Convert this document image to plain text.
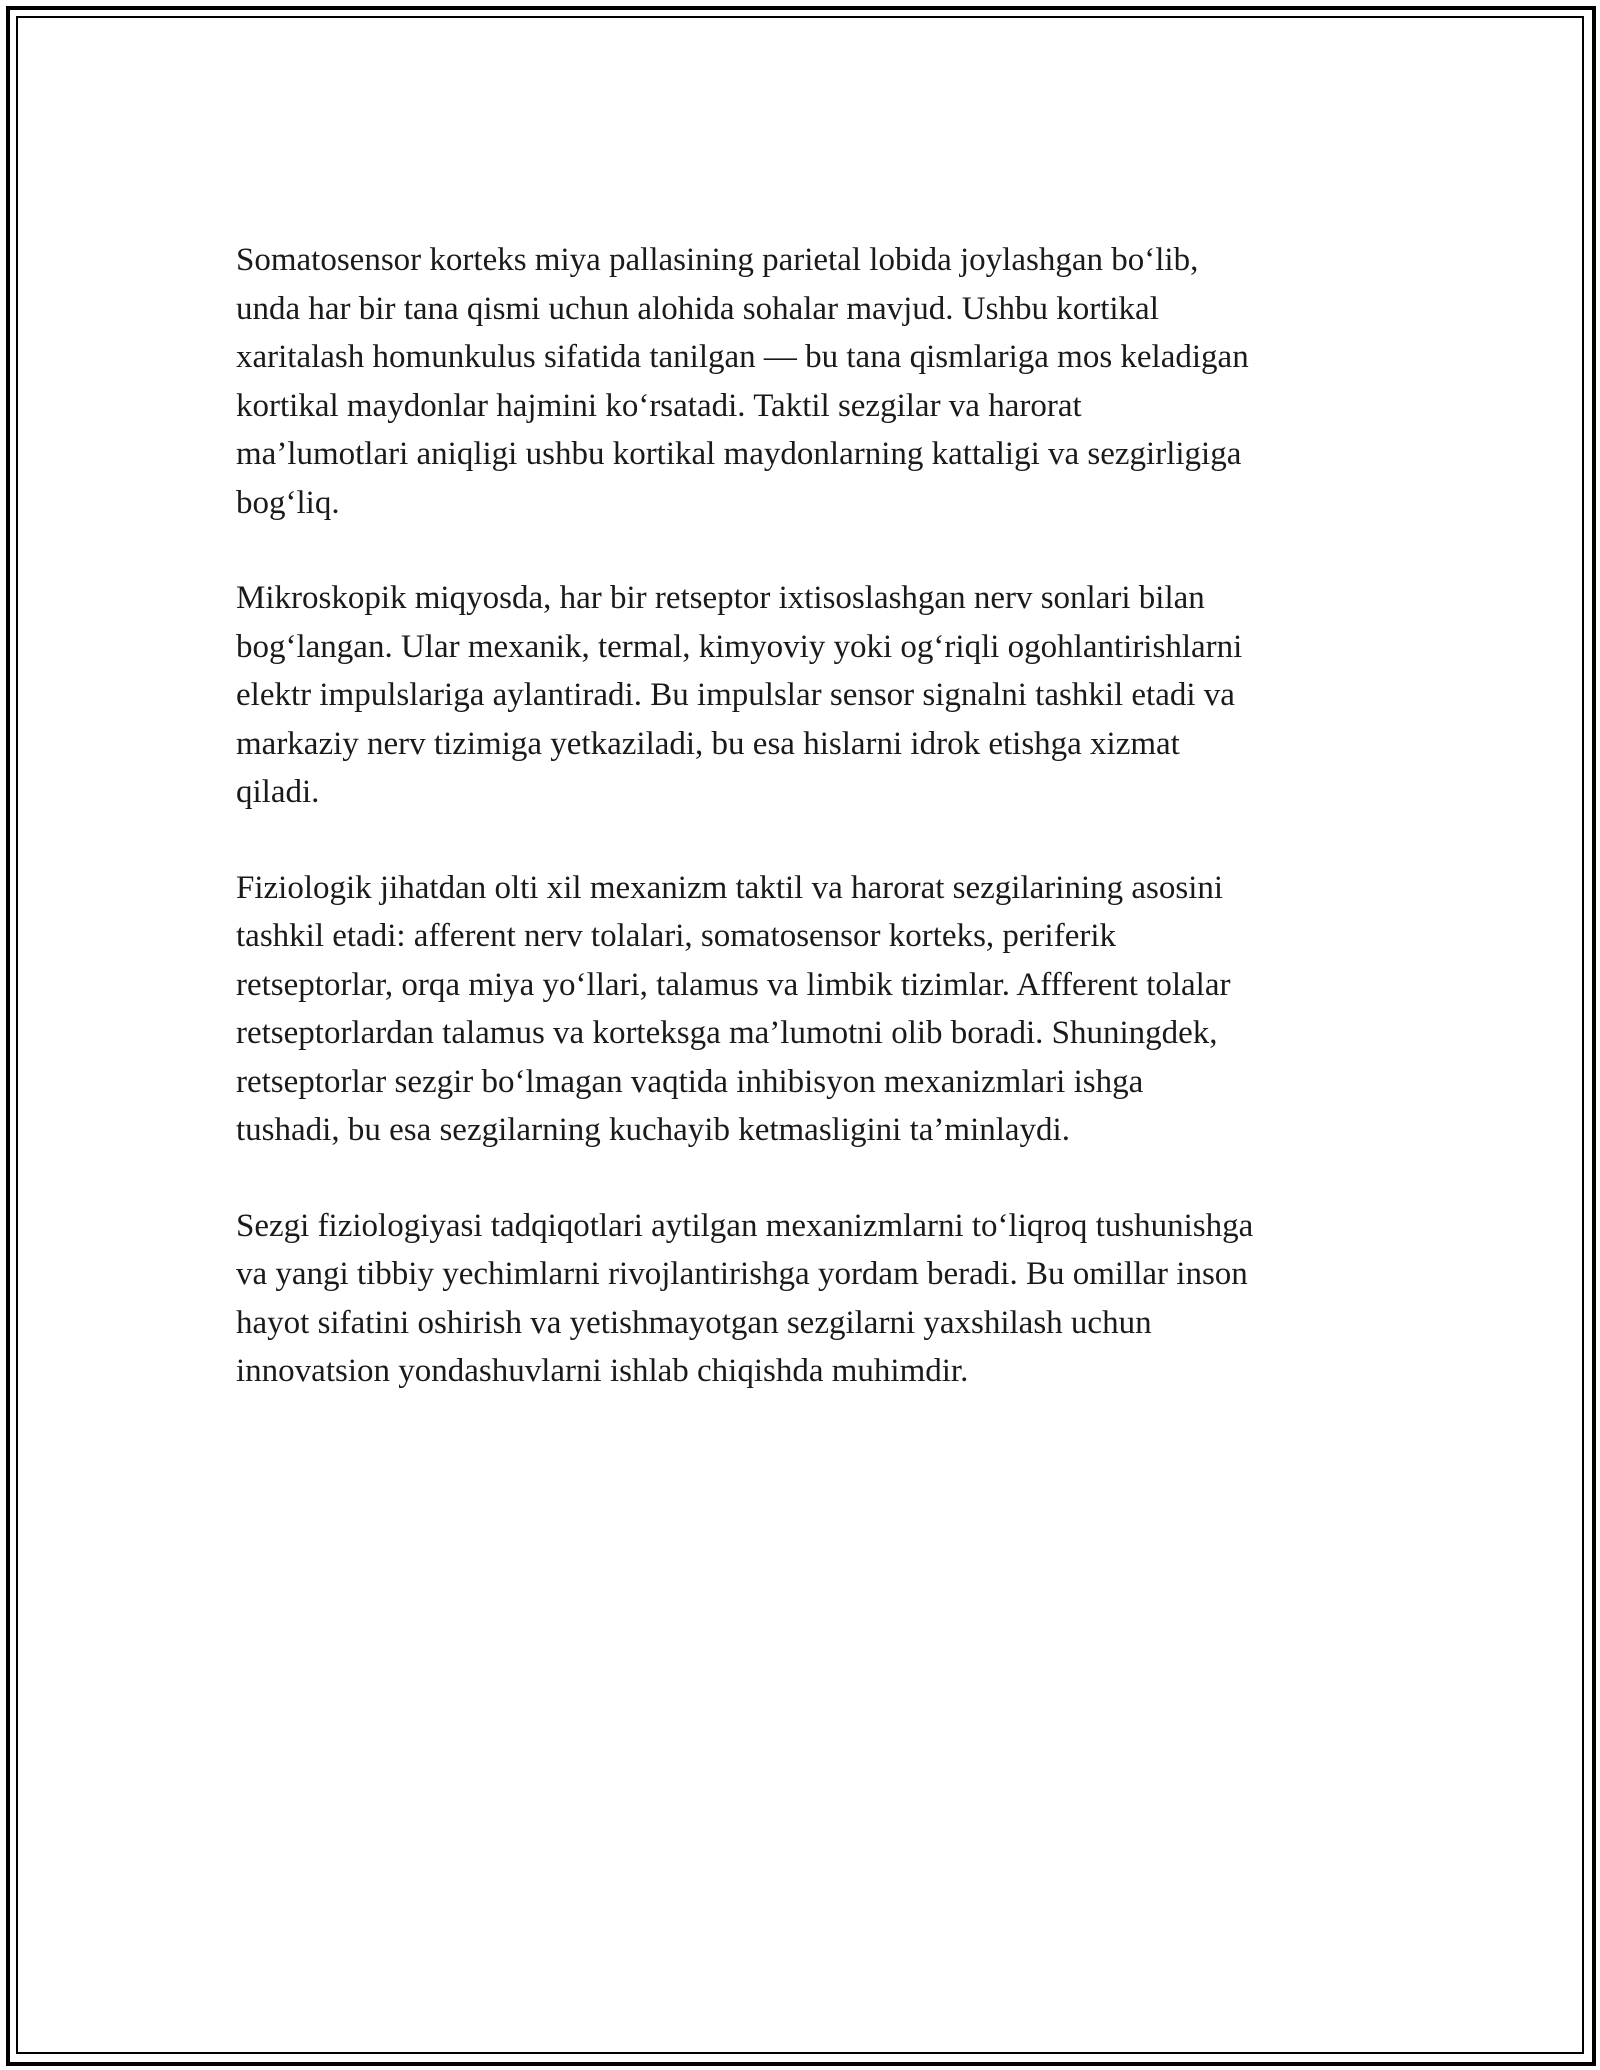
Somatosensor korteks miya pallasining parietal lobida joylashgan bo‘lib,
unda har bir tana qismi uchun alohida sohalar mavjud. Ushbu kortikal
xaritalash homunkulus sifatida tanilgan — bu tana qismlariga mos keladigan
kortikal maydonlar hajmini ko‘rsatadi. Taktil sezgilar va harorat
ma’lumotlari aniqligi ushbu kortikal maydonlarning kattaligi va sezgirligiga
bog‘liq.

Mikroskopik miqyosda, har bir retseptor ixtisoslashgan nerv sonlari bilan
bog‘langan. Ular mexanik, termal, kimyoviy yoki og‘riqli ogohlantirishlarni
elektr impulslariga aylantiradi. Bu impulslar sensor signalni tashkil etadi va
markaziy nerv tizimiga yetkaziladi, bu esa hislarni idrok etishga xizmat
qiladi.

Fiziologik jihatdan olti xil mexanizm taktil va harorat sezgilarining asosini
tashkil etadi: afferent nerv tolalari, somatosensor korteks, periferik
retseptorlar, orqa miya yo‘llari, talamus va limbik tizimlar. Affferent tolalar
retseptorlardan talamus va korteksga ma’lumotni olib boradi. Shuningdek,
retseptorlar sezgir bo‘lmagan vaqtida inhibisyon mexanizmlari ishga
tushadi, bu esa sezgilarning kuchayib ketmasligini ta’minlaydi.

Sezgi fiziologiyasi tadqiqotlari aytilgan mexanizmlarni to‘liqroq tushunishga
va yangi tibbiy yechimlarni rivojlantirishga yordam beradi. Bu omillar inson
hayot sifatini oshirish va yetishmayotgan sezgilarni yaxshilash uchun
innovatsion yondashuvlarni ishlab chiqishda muhimdir.
